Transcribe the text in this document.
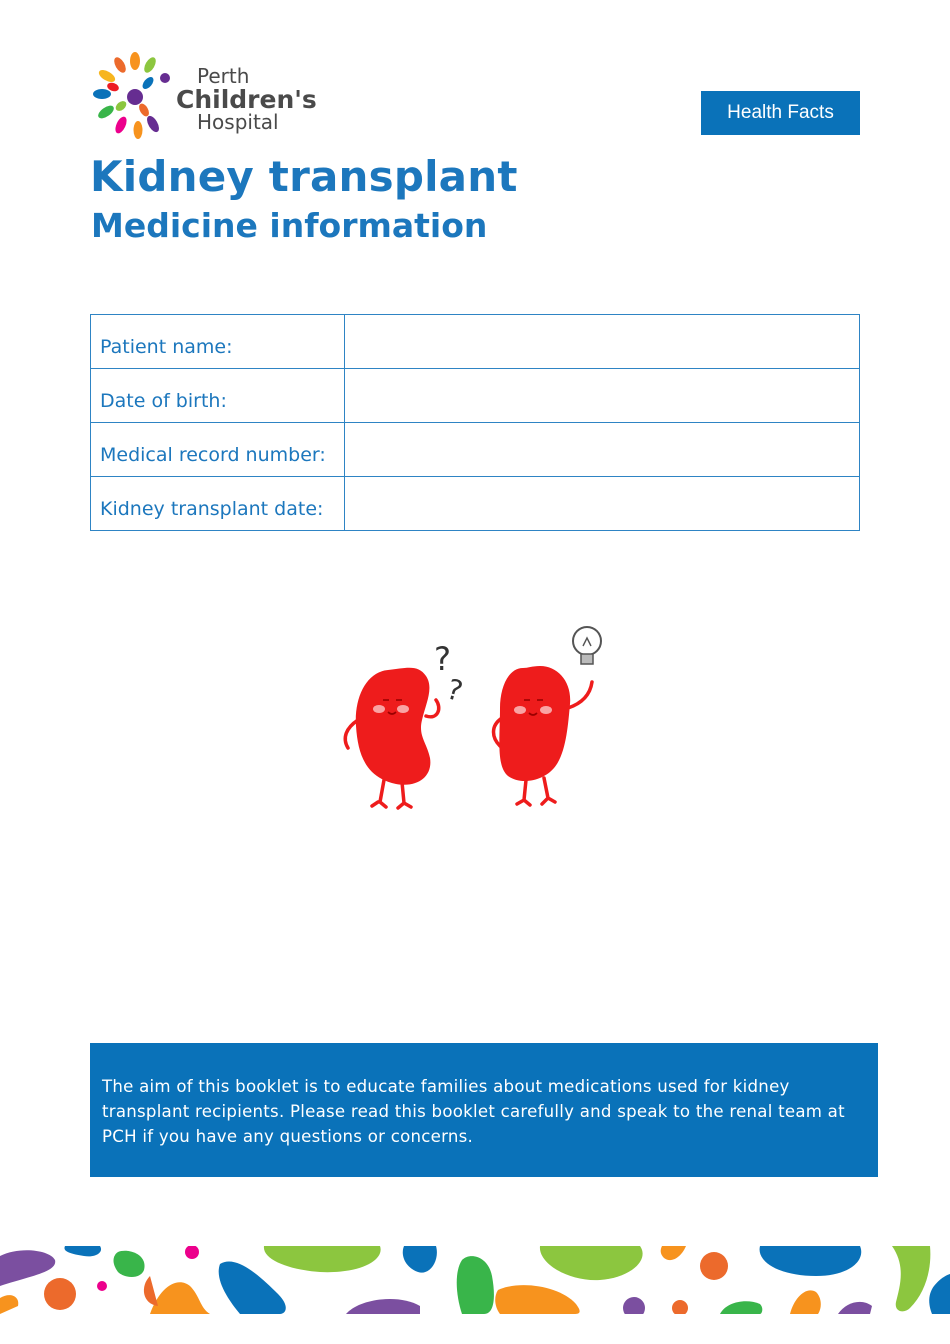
Perth
Children's
Hospital	Health Facts
Kidney transplant
Medicine information
Patient name:	
Date of birth:	
Medical record number:	
Kidney transplant date:	
?
?
The aim of this booklet is to educate families about medications used for kidney transplant recipients. Please read this booklet carefully and speak to the renal team at PCH if you have any questions or concerns.
